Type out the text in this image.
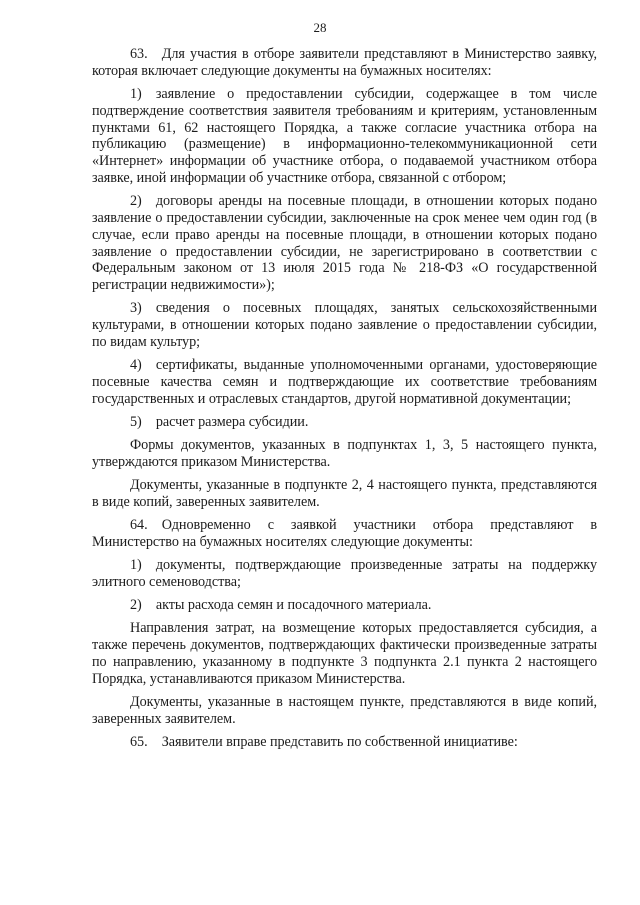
28

63. Для участия в отборе заявители представляют в Министерство заявку, которая включает следующие документы на бумажных носителях:

1) заявление о предоставлении субсидии, содержащее в том числе подтверждение соответствия заявителя требованиям и критериям, установленным пунктами 61, 62 настоящего Порядка, а также согласие участника отбора на публикацию (размещение) в информационно-телекоммуникационной сети «Интернет» информации об участнике отбора, о подаваемой участником отбора заявке, иной информации об участнике отбора, связанной с отбором;

2) договоры аренды на посевные площади, в отношении которых подано заявление о предоставлении субсидии, заключенные на срок менее чем один год (в случае, если право аренды на посевные площади, в отношении которых подано заявление о предоставлении субсидии, не зарегистрировано в соответствии с Федеральным законом от 13 июля 2015 года № 218-ФЗ «О государственной регистрации недвижимости»);

3) сведения о посевных площадях, занятых сельскохозяйственными культурами, в отношении которых подано заявление о предоставлении субсидии, по видам культур;

4) сертификаты, выданные уполномоченными органами, удостоверяющие посевные качества семян и подтверждающие их соответствие требованиям государственных и отраслевых стандартов, другой нормативной документации;

5) расчет размера субсидии.

Формы документов, указанных в подпунктах 1, 3, 5 настоящего пункта, утверждаются приказом Министерства.

Документы, указанные в подпункте 2, 4 настоящего пункта, представляются в виде копий, заверенных заявителем.

64. Одновременно с заявкой участники отбора представляют в Министерство на бумажных носителях следующие документы:

1) документы, подтверждающие произведенные затраты на поддержку элитного семеноводства;

2) акты расхода семян и посадочного материала.

Направления затрат, на возмещение которых предоставляется субсидия, а также перечень документов, подтверждающих фактически произведенные затраты по направлению, указанному в подпункте 3 подпункта 2.1 пункта 2 настоящего Порядка, устанавливаются приказом Министерства.

Документы, указанные в настоящем пункте, представляются в виде копий, заверенных заявителем.

65. Заявители вправе представить по собственной инициативе:
